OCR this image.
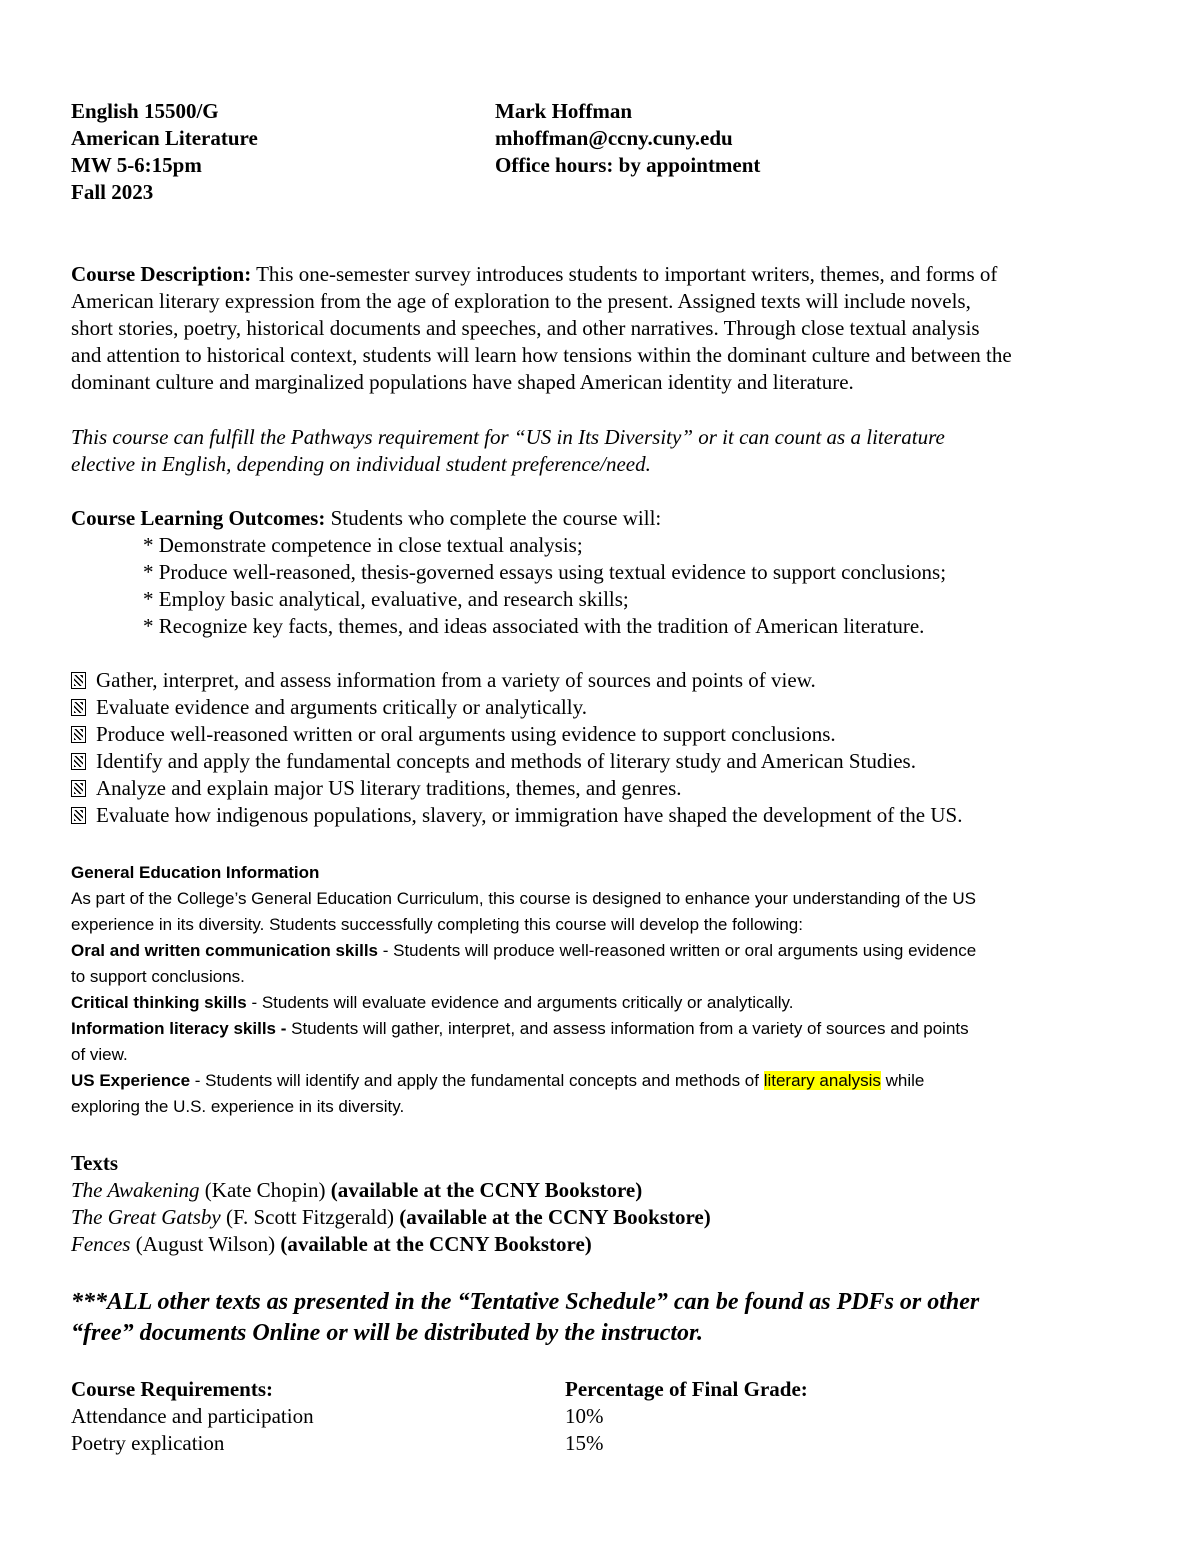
English 15500/G
American Literature
MW 5-6:15pm
Fall 2023
Mark Hoffman
mhoffman@ccny.cuny.edu
Office hours: by appointment
Course Description: This one-semester survey introduces students to important writers, themes, and forms of
American literary expression from the age of exploration to the present. Assigned texts will include novels,
short stories, poetry, historical documents and speeches, and other narratives. Through close textual analysis
and attention to historical context, students will learn how tensions within the dominant culture and between the
dominant culture and marginalized populations have shaped American identity and literature.
This course can fulfill the Pathways requirement for “US in Its Diversity” or it can count as a literature
elective in English, depending on individual student preference/need.
Course Learning Outcomes: Students who complete the course will:
* Demonstrate competence in close textual analysis;
* Produce well-reasoned, thesis-governed essays using textual evidence to support conclusions;
* Employ basic analytical, evaluative, and research skills;
* Recognize key facts, themes, and ideas associated with the tradition of American literature.
Gather, interpret, and assess information from a variety of sources and points of view.
Evaluate evidence and arguments critically or analytically.
Produce well-reasoned written or oral arguments using evidence to support conclusions.
Identify and apply the fundamental concepts and methods of literary study and American Studies.
Analyze and explain major US literary traditions, themes, and genres.
Evaluate how indigenous populations, slavery, or immigration have shaped the development of the US.
General Education Information
As part of the College’s General Education Curriculum, this course is designed to enhance your understanding of the US
experience in its diversity. Students successfully completing this course will develop the following:
Oral and written communication skills - Students will produce well-reasoned written or oral arguments using evidence
to support conclusions.
Critical thinking skills - Students will evaluate evidence and arguments critically or analytically.
Information literacy skills - Students will gather, interpret, and assess information from a variety of sources and points
of view.
US Experience - Students will identify and apply the fundamental concepts and methods of literary analysis while
exploring the U.S. experience in its diversity.
Texts
The Awakening (Kate Chopin) (available at the CCNY Bookstore)
The Great Gatsby (F. Scott Fitzgerald) (available at the CCNY Bookstore)
Fences (August Wilson) (available at the CCNY Bookstore)
***ALL other texts as presented in the “Tentative Schedule” can be found as PDFs or other
“free” documents Online or will be distributed by the instructor.
Course Requirements:
Attendance and participation
Poetry explication
Percentage of Final Grade:
10%
15%
